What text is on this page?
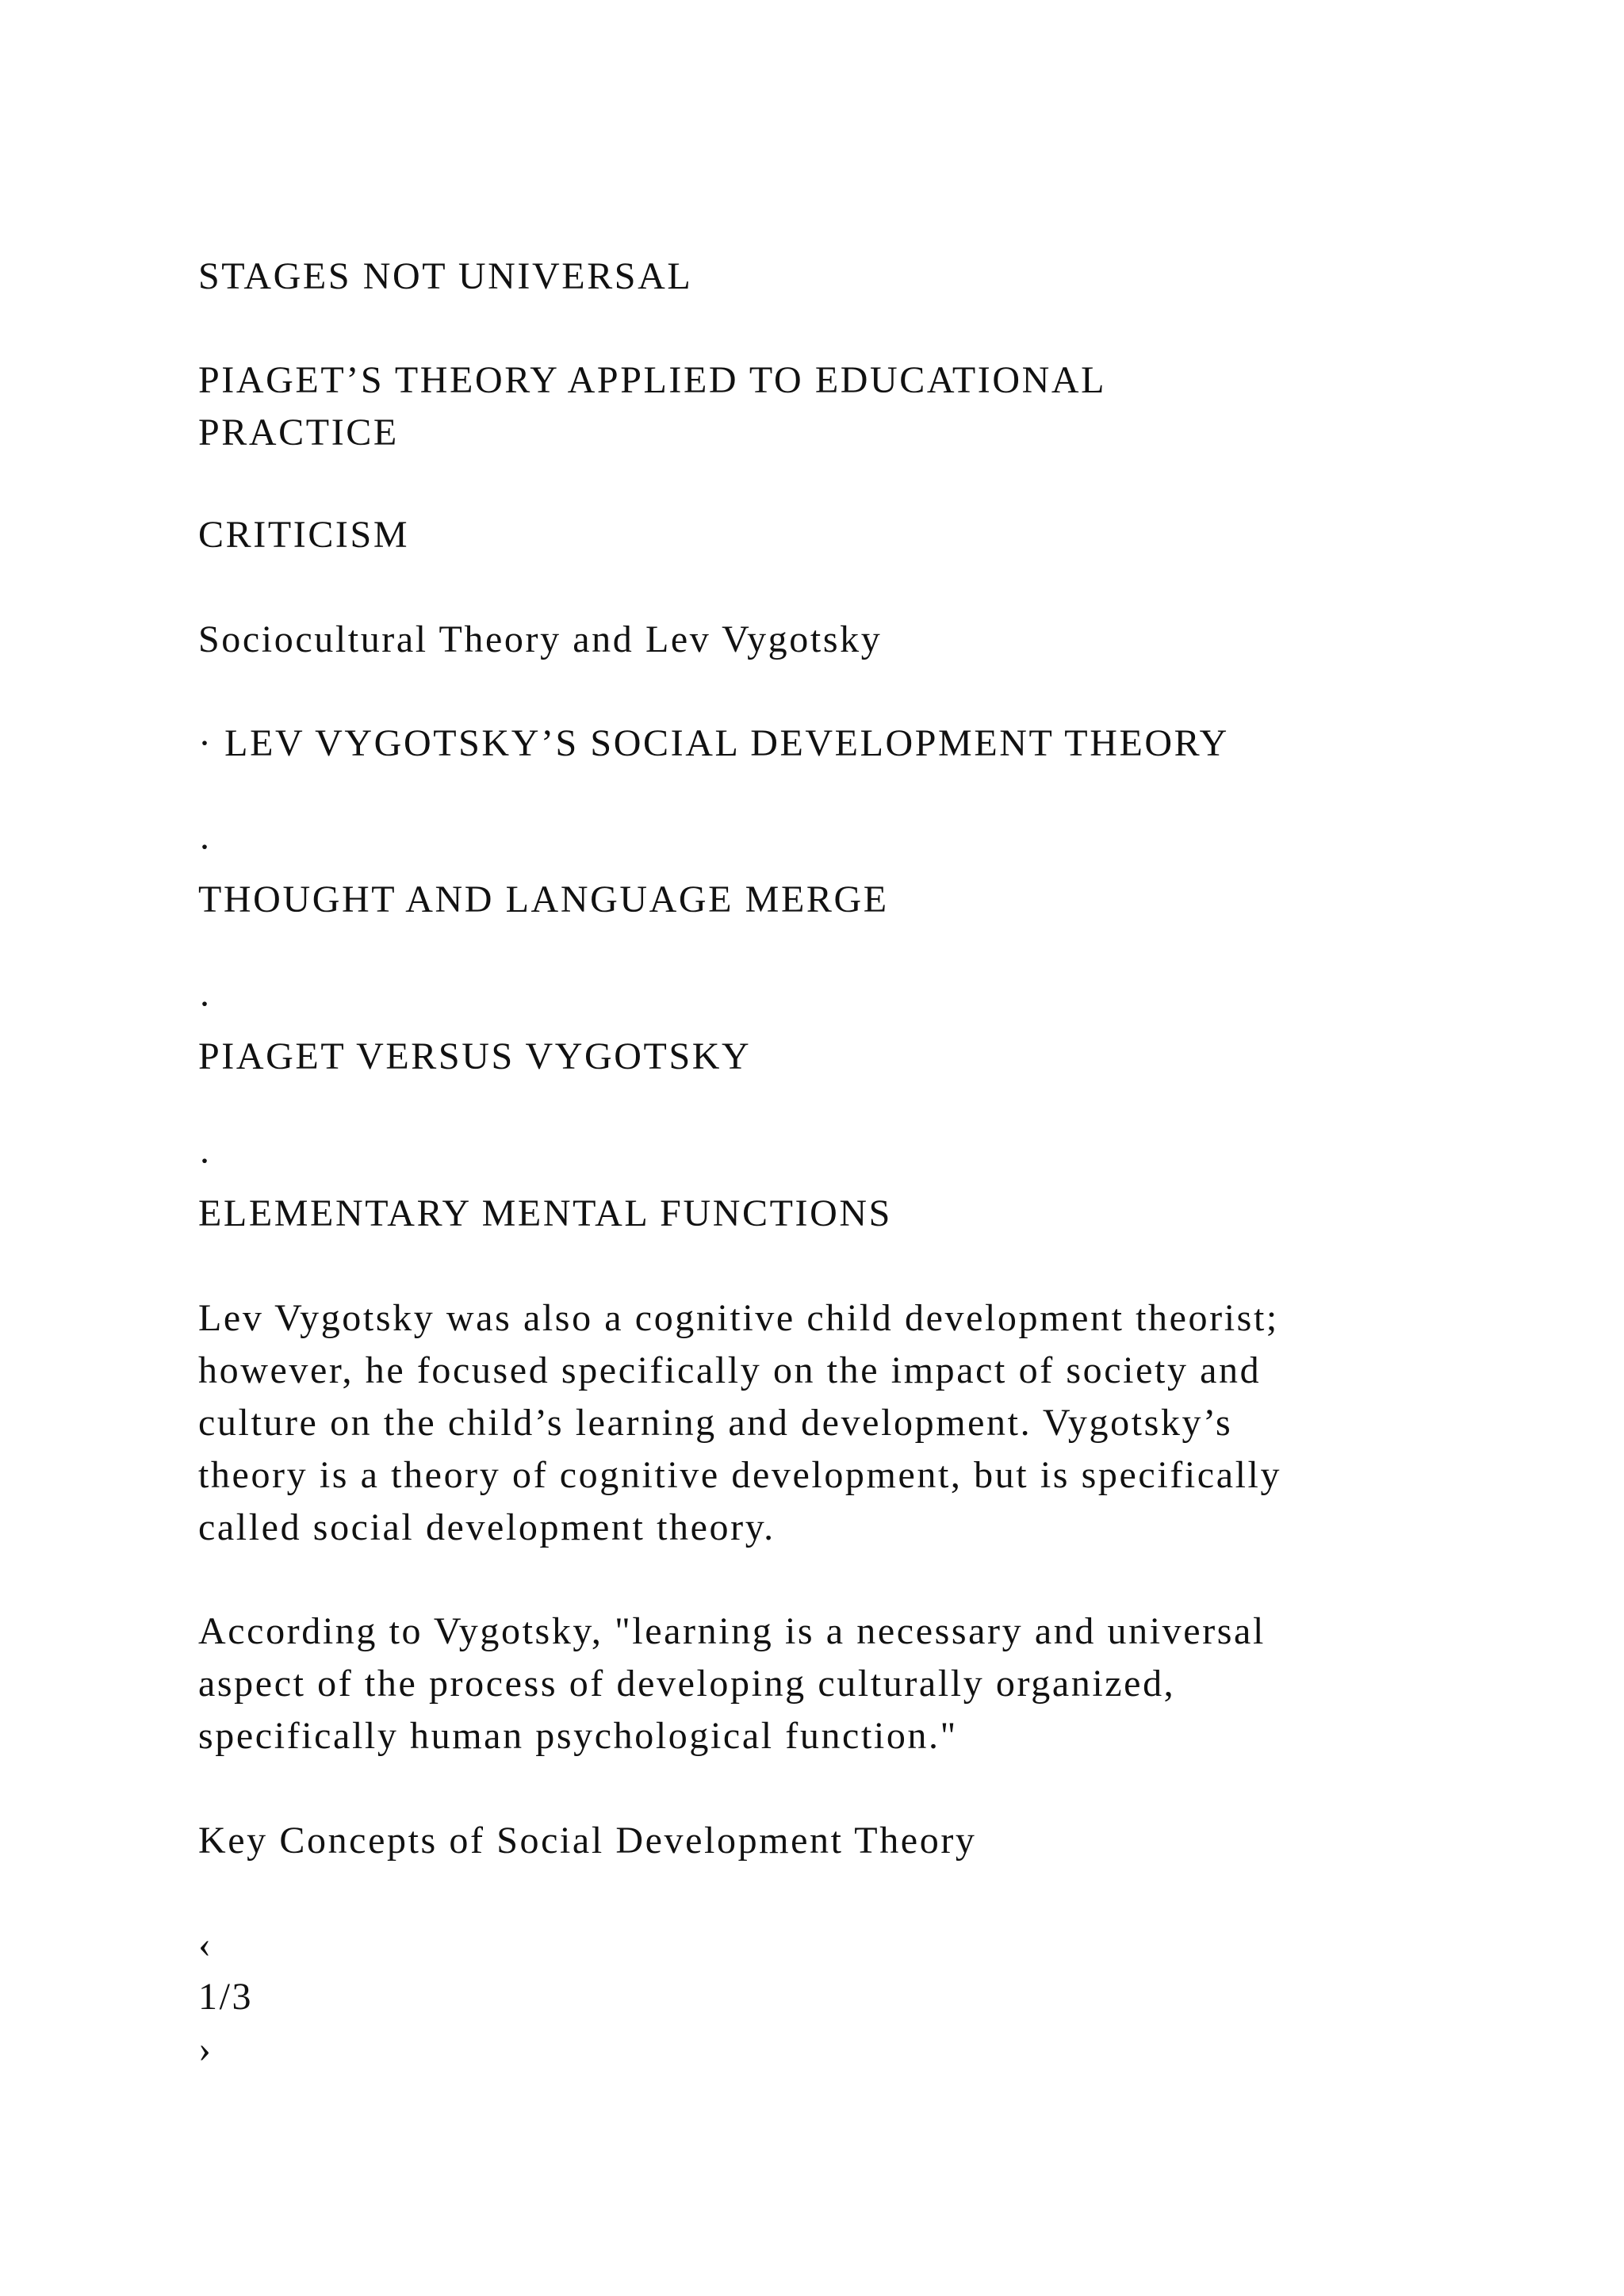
STAGES NOT UNIVERSAL

PIAGET’S THEORY APPLIED TO EDUCATIONAL
PRACTICE

CRITICISM

Sociocultural Theory and Lev Vygotsky

· LEV VYGOTSKY’S SOCIAL DEVELOPMENT THEORY

·

THOUGHT AND LANGUAGE MERGE

·

PIAGET VERSUS VYGOTSKY

·

ELEMENTARY MENTAL FUNCTIONS

Lev Vygotsky was also a cognitive child development theorist;
however, he focused specifically on the impact of society and
culture on the child’s learning and development. Vygotsky’s
theory is a theory of cognitive development, but is specifically
called social development theory.
According to Vygotsky, "learning is a necessary and universal
aspect of the process of developing culturally organized,
specifically human psychological function."

Key Concepts of Social Development Theory

‹

1/3

›
